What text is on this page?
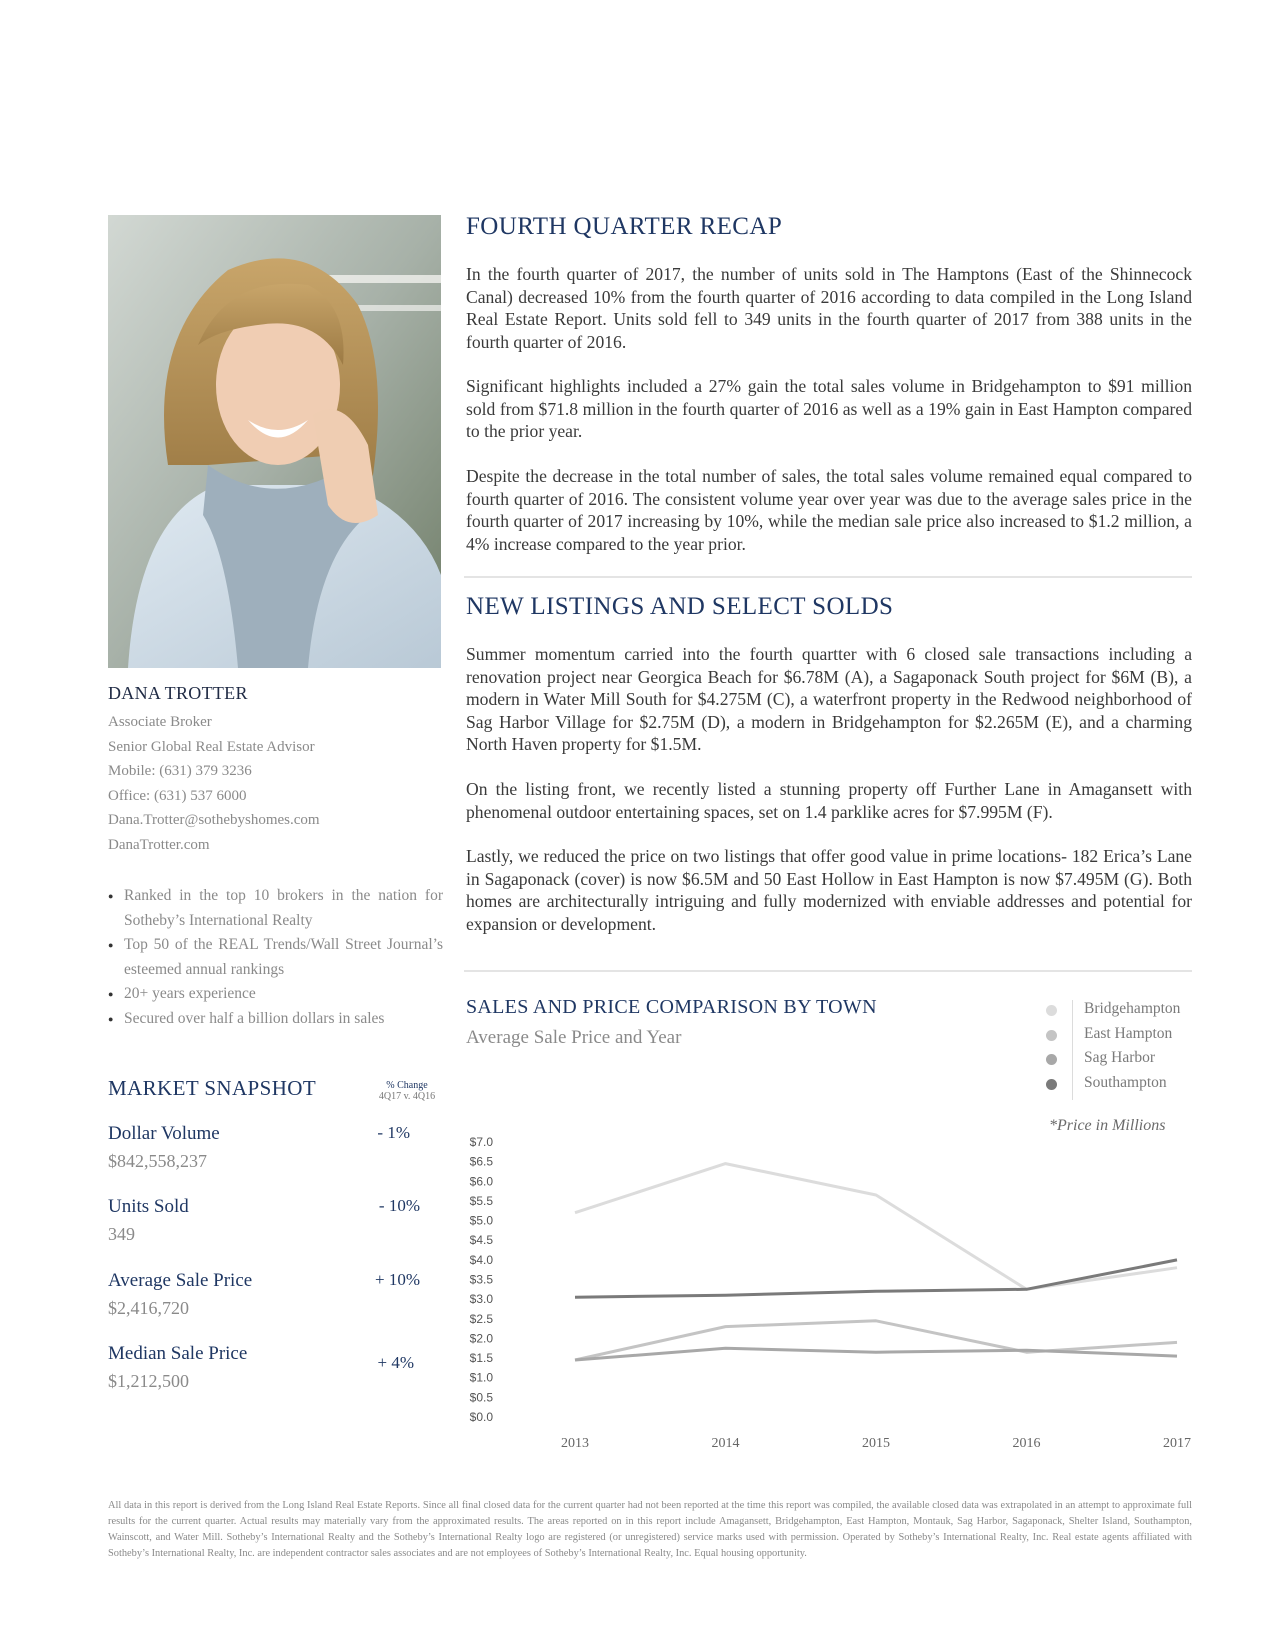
DANA TROTTER
Associate Broker
Senior Global Real Estate Advisor
Mobile: (631) 379 3236
Office: (631) 537 6000
Dana.Trotter@sothebyshomes.com
DanaTrotter.com
● Ranked in the top 10 brokers in the nation for Sotheby’s International Realty
● Top 50 of the REAL Trends/Wall Street Journal’s esteemed annual rankings
● 20+ years experience
● Secured over half a billion dollars in sales
MARKET SNAPSHOT	% Change
4Q17 v. 4Q16
Dollar Volume
$842,558,237
- 1%
Units Sold
349
- 10%
Average Sale Price
$2,416,720
+ 10%
Median Sale Price
$1,212,500
+ 4%
FOURTH QUARTER RECAP

In the fourth quarter of 2017, the number of units sold in The Hamptons (East of the Shinnecock Canal) decreased 10% from the fourth quarter of 2016 according to data compiled in the Long Island Real Estate Report. Units sold fell to 349 units in the fourth quarter of 2017 from 388 units in the fourth quarter of 2016.

Significant highlights included a 27% gain the total sales volume in Bridgehampton to $91 million sold from $71.8 million in the fourth quarter of 2016 as well as a 19% gain in East Hampton compared to the prior year.

Despite the decrease in the total number of sales, the total sales volume remained equal compared to fourth quarter of 2016. The consistent volume year over year was due to the average sales price in the fourth quarter of 2017 increasing by 10%, while the median sale price also increased to $1.2 million, a 4% increase compared to the year prior.

NEW LISTINGS AND SELECT SOLDS

Summer momentum carried into the fourth quartter with 6 closed sale transactions including a renovation project near Georgica Beach for $6.78M (A), a Sagaponack South project for $6M (B), a modern in Water Mill South for $4.275M (C), a waterfront property in the Redwood neighborhood of Sag Harbor Village for $2.75M (D), a modern in Bridgehampton for $2.265M (E), and a charming North Haven property for $1.5M.

On the listing front, we recently listed a stunning property off Further Lane in Amagansett with phenomenal outdoor entertaining spaces, set on 1.4 parklike acres for $7.995M (F).

Lastly, we reduced the price on two listings that offer good value in prime locations- 182 Erica’s Lane in Sagaponack (cover) is now $6.5M and 50 East Hollow in East Hampton is now $7.495M (G). Both homes are architecturally intriguing and fully modernized with enviable addresses and potential for expansion or development.

SALES AND PRICE COMPARISON BY TOWN
Average Sale Price and Year
Bridgehampton
East Hampton
Sag Harbor
Southampton
*Price in Millions
$0.0
$0.5
$1.0
$1.5
$2.0
$2.5
$3.0
$3.5
$4.0
$4.5
$5.0
$5.5
$6.0
$6.5
$7.0
2013	2014	2015	2016	2017
All data in this report is derived from the Long Island Real Estate Reports. Since all final closed data for the current quarter had not been reported at the time this report was compiled, the available closed data was extrapolated in an attempt to approximate full results for the current quarter. Actual results may materially vary from the approximated results. The areas reported on in this report include Amagansett, Bridgehampton, East Hampton, Montauk, Sag Harbor, Sagaponack, Shelter Island, Southampton, Wainscott, and Water Mill. Sotheby’s International Realty and the Sotheby’s International Realty logo are registered (or unregistered) service marks used with permission. Operated by Sotheby’s International Realty, Inc. Real estate agents affiliated with Sotheby’s International Realty, Inc. are independent contractor sales associates and are not employees of Sotheby’s International Realty, Inc. Equal housing opportunity.
